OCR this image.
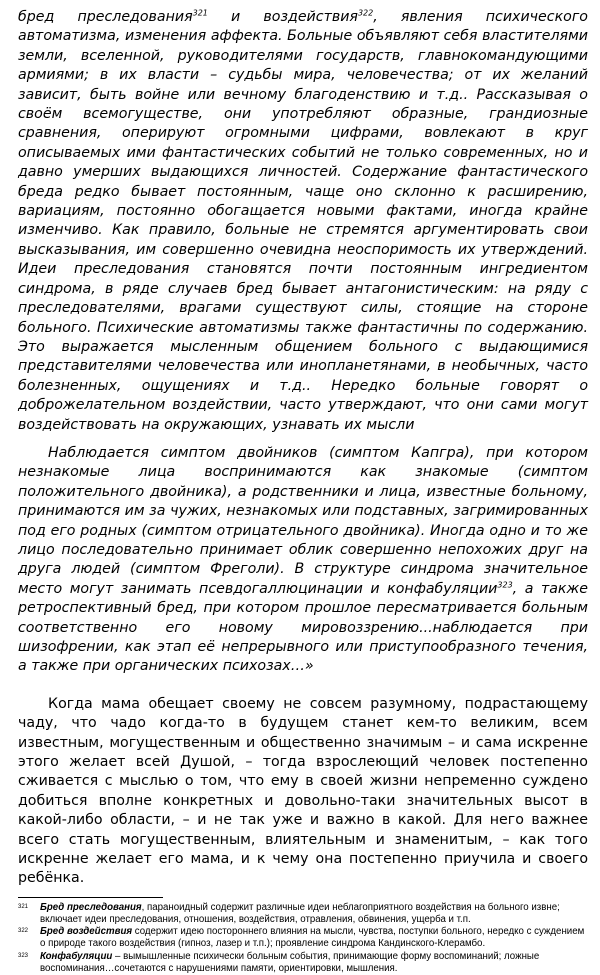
бред преследования$^{321}$ и воздействия$^{322}$, явления психического автоматизма, изменения аффекта. Больные объявляют себя властителями земли, вселенной, руководителями государств, главнокомандующими армиями; в их власти – судьбы мира, человечества; от их желаний зависит, быть войне или вечному благоденствию и т.д.. Рассказывая о своём всемогуществе, они употребляют образные, грандиозные сравнения, оперируют огромными цифрами, вовлекают в круг описываемых ими фантастических событий не только современных, но и давно умерших выдающихся личностей. Содержание фантастического бреда редко бывает постоянным, чаще оно склонно к расширению, вариациям, постоянно обогащается новыми фактами, иногда крайне изменчиво. Как правило, больные не стремятся аргументировать свои высказывания, им совершенно очевидна неоспоримость их утверждений. Идеи преследования становятся почти постоянным ингредиентом синдрома, в ряде случаев бред бывает антагонистическим: на ряду с преследователями, врагами существуют силы, стоящие на стороне больного. Психические автоматизмы также фантастичны по содержанию. Это выражается мысленным общением больного с выдающимися представителями человечества или инопланетянами, в необычных, часто болезненных, ощущениях и т.д.. Нередко больные говорят о доброжелательном воздействии, часто утверждают, что они сами могут воздействовать на окружающих, узнавать их мысли

Наблюдается симптом двойников (симптом Капгра), при котором незнакомые лица воспринимаются как знакомые (симптом положительного двойника), а родственники и лица, известные больному, принимаются им за чужих, незнакомых или подставных, загримированных под его родных (симптом отрицательного двойника). Иногда одно и то же лицо последовательно принимает облик совершенно непохожих друг на друга людей (симптом Фреголи). В структуре синдрома значительное место могут занимать псевдогаллюцинации и конфабуляции$^{323}$, а также ретроспективный бред, при котором прошлое пересматривается больным соответственно его новому мировоззрению...наблюдается при шизофрении, как этап её непрерывного или приступообразного течения, а также при органических психозах…»

Когда мама обещает своему не совсем разумному, подрастающему чаду, что чадо когда-то в будущем станет кем-то великим, всем известным, могущественным и общественно значимым – и сама искренне этого желает всей Душой, – тогда взрослеющий человек постепенно сживается с мыслью о том, что ему в своей жизни непременно суждено добиться вполне конкретных и довольно-таки значительных высот в какой-либо области, – и не так уже и важно в какой. Для него важнее всего стать могущественным, влиятельным и знаменитым, – как того искренне желает его мама, и к чему она постепенно приучила и своего ребёнка.

321	Бред преследования, параноидный содержит различные идеи неблагоприятного воздействия на больного извне; включает идеи преследования, отношения, воздействия, отравления, обвинения, ущерба и т.п.
322	Бред воздействия содержит идею постороннего влияния на мысли, чувства, поступки больного, нередко с суждением о природе такого воздействия (гипноз, лазер и т.п.); проявление синдрома Кандинского-Клерамбо.
323	Конфабуляции – вымышленные психически больным события, принимающие форму воспоминаний; ложные воспоминания…сочетаются с нарушениями памяти, ориентировки, мышления.
